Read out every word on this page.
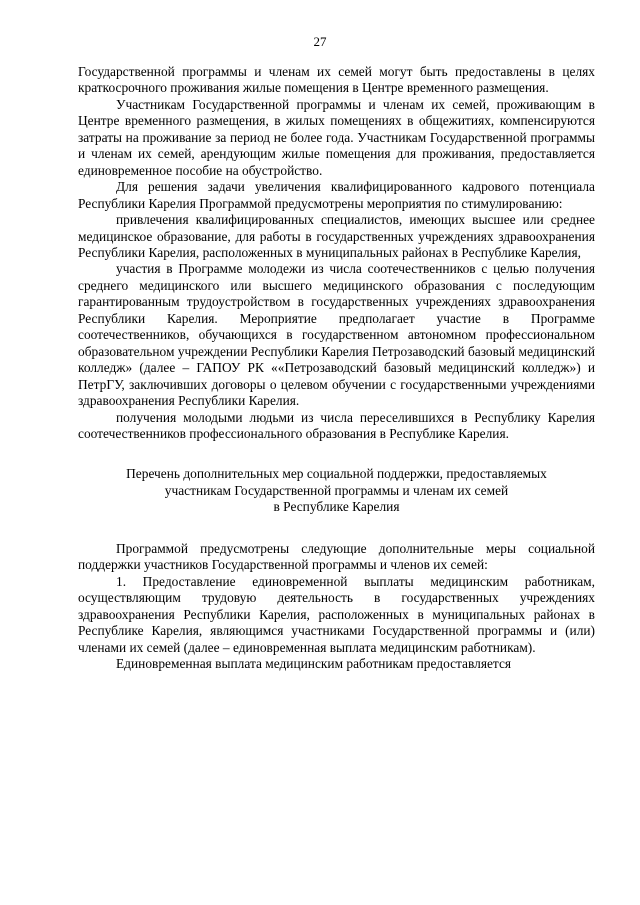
27

Государственной программы и членам их семей могут быть предоставлены в целях краткосрочного проживания жилые помещения в Центре временного размещения.

Участникам Государственной программы и членам их семей, проживающим в Центре временного размещения, в жилых помещениях в общежитиях, компенсируются затраты на проживание за период не более года. Участникам Государственной программы и членам их семей, арендующим жилые помещения для проживания, предоставляется единовременное пособие на обустройство.

Для решения задачи увеличения квалифицированного кадрового потенциала Республики Карелия Программой предусмотрены мероприятия по стимулированию:

привлечения квалифицированных специалистов, имеющих высшее или среднее медицинское образование, для работы в государственных учреждениях здравоохранения Республики Карелия, расположенных в муниципальных районах в Республике Карелия,

участия в Программе молодежи из числа соотечественников с целью получения среднего медицинского или высшего медицинского образования с последующим гарантированным трудоустройством в государственных учреждениях здравоохранения Республики Карелия. Мероприятие предполагает участие в Программе соотечественников, обучающихся в государственном автономном профессиональном образовательном учреждении Республики Карелия Петрозаводский базовый медицинский колледж» (далее – ГАПОУ РК ««Петрозаводский базовый медицинский колледж») и ПетрГУ, заключивших договоры о целевом обучении с государственными учреждениями здравоохранения Республики Карелия.

получения молодыми людьми из числа переселившихся в Республику Карелия соотечественников профессионального образования в Республике Карелия.

Перечень дополнительных мер социальной поддержки, предоставляемых
участникам Государственной программы и членам их семей
в Республике Карелия

Программой предусмотрены следующие дополнительные меры социальной поддержки участников Государственной программы и членов их семей:

1. Предоставление единовременной выплаты медицинским работникам, осуществляющим трудовую деятельность в государственных учреждениях здравоохранения Республики Карелия, расположенных в муниципальных районах в Республике Карелия, являющимся участниками Государственной программы и (или) членами их семей (далее – единовременная выплата медицинским работникам).

Единовременная выплата медицинским работникам предоставляется
